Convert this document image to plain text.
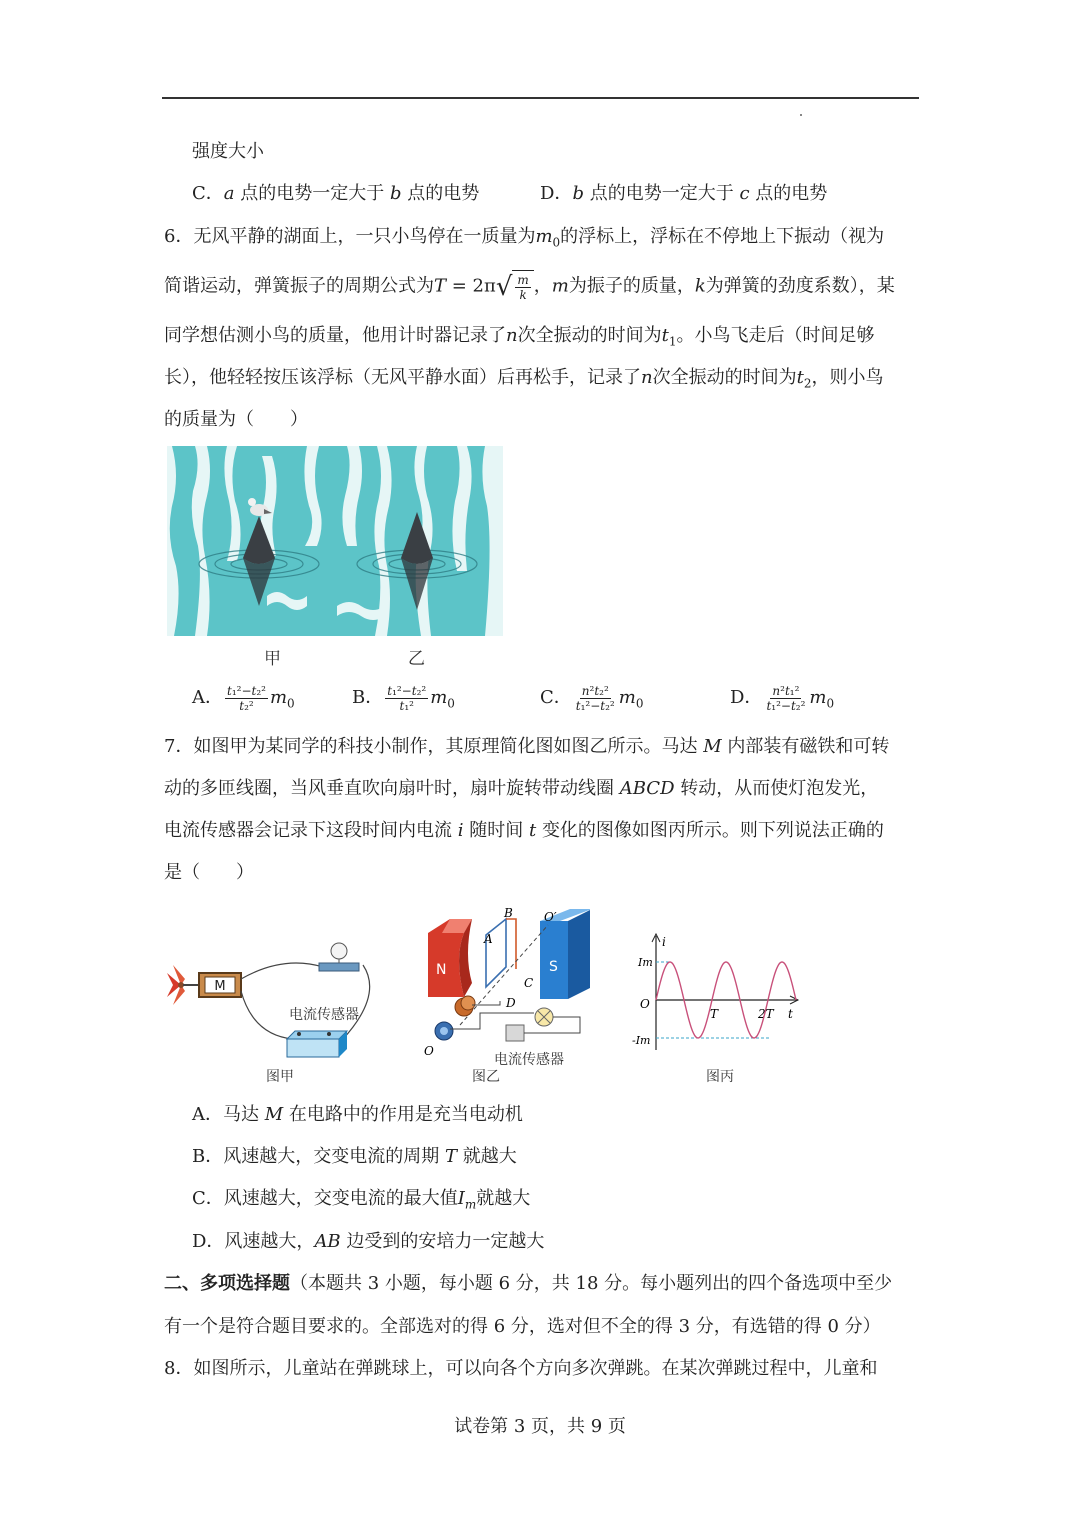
强度大小
C．a 点的电势一定大于 b 点的电势	D．b 点的电势一定大于 c 点的电势
6．无风平静的湖面上，一只小鸟停在一质量为$m_0$的浮标上，浮标在不停地上下振动（视为
简谐运动，弹簧振子的周期公式为T = 2π √ $\frac{m}{k}$ ，m为振子的质量，k为弹簧的劲度系数），某
同学想估测小鸟的质量，他用计时器记录了n次全振动的时间为$t_1$。小鸟飞走后（时间足够
长），他轻轻按压该浮标（无风平静水面）后再松手，记录了n次全振动的时间为$t_2$，则小鸟
的质量为（　　）
甲	乙
A． $\frac{\text{t₁²−t₂²}}{\text{t₂²}} m_0$	B． $\frac{\text{t₁²−t₂²}}{\text{t₁²}} m_0$	C． $\frac{\text{n²t₂²}}{\text{t₁²−t₂²}} m_0$	D． $\frac{\text{n²t₁²}}{\text{t₁²−t₂²}} m_0$
7．如图甲为某同学的科技小制作，其原理简化图如图乙所示。马达 M 内部装有磁铁和可转
动的多匝线圈，当风垂直吹向扇叶时，扇叶旋转带动线圈 ABCD 转动，从而使灯泡发光，
电流传感器会记录下这段时间内电流 i 随时间 t 变化的图像如图丙所示。则下列说法正确的
是（　　）
M
电流传感器
图甲
N	S
A
B
C
D
O′
O
电流传感器
图乙
i
t
Im
O
-Im
T	2T
图丙
A．马达 M 在电路中的作用是充当电动机
B．风速越大，交变电流的周期 T 就越大
C．风速越大，交变电流的最大值$I_m$就越大
D．风速越大，AB 边受到的安培力一定越大
二、多项选择题（本题共 3 小题，每小题 6 分，共 18 分。每小题列出的四个备选项中至少
有一个是符合题目要求的。全部选对的得 6 分，选对但不全的得 3 分，有选错的得 0 分）
8．如图所示，儿童站在弹跳球上，可以向各个方向多次弹跳。在某次弹跳过程中，儿童和
试卷第 3 页，共 9 页
